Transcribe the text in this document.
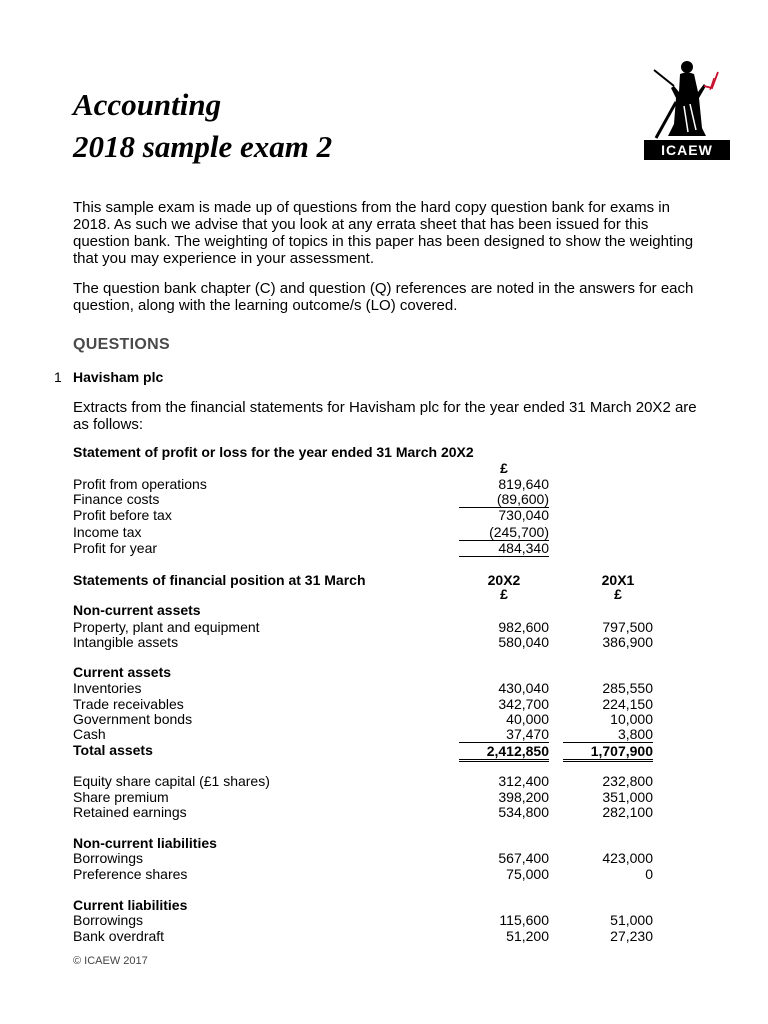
Accounting
2018 sample exam 2	ICAEW

This sample exam is made up of questions from the hard copy question bank for exams in 2018. As such we advise that you look at any errata sheet that has been issued for this question bank. The weighting of topics in this paper has been designed to show the weighting that you may experience in your assessment.

The question bank chapter (C) and question (Q) references are noted in the answers for each question, along with the learning outcome/s (LO) covered.

QUESTIONS
1 Havisham plc

Extracts from the financial statements for Havisham plc for the year ended 31 March 20X2 are as follows:

Statement of profit or loss for the year ended 31 March 20X2
£
Profit from operations	819,640
Finance costs	(89,600)
Profit before tax	730,040
Income tax	(245,700)
Profit for year	484,340
Statements of financial position at 31 March	20X2	20X1
£	£
Non-current assets
Property, plant and equipment	982,600	797,500
Intangible assets	580,040	386,900
Current assets
Inventories	430,040	285,550
Trade receivables	342,700	224,150
Government bonds	40,000	10,000
Cash	37,470	3,800
Total assets	2,412,850	1,707,900
Equity share capital (£1 shares)	312,400	232,800
Share premium	398,200	351,000
Retained earnings	534,800	282,100
Non-current liabilities
Borrowings	567,400	423,000
Preference shares	75,000	0
Current liabilities
Borrowings	115,600	51,000
Bank overdraft	51,200	27,230
© ICAEW 2017
